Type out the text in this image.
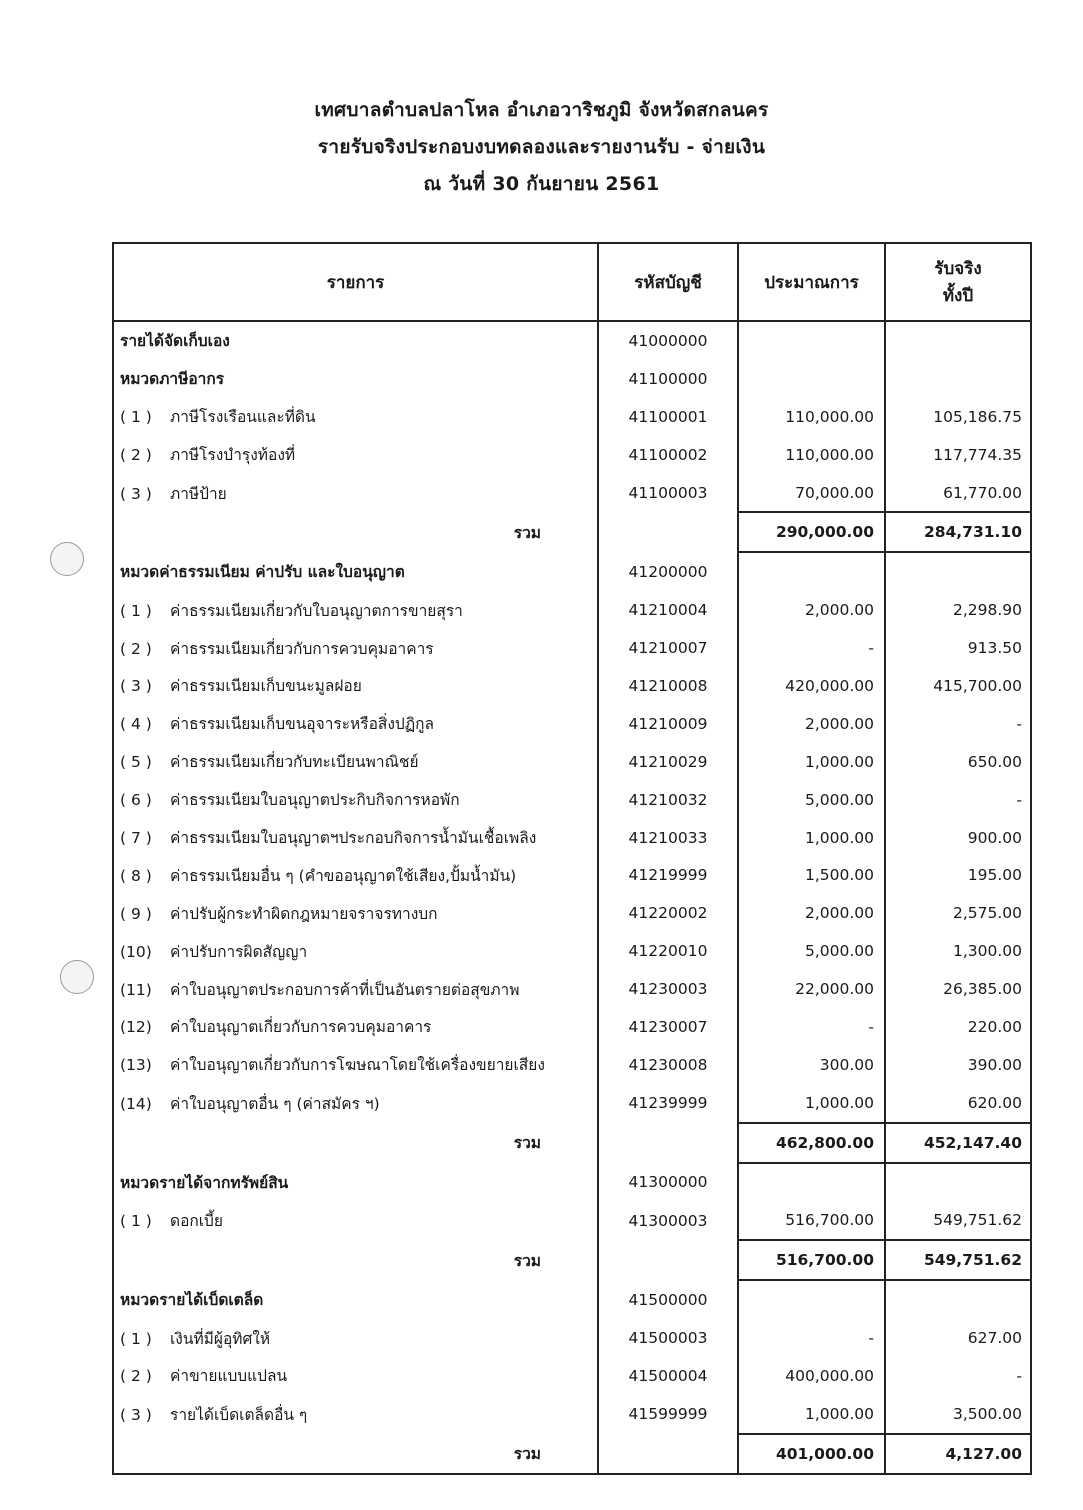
เทศบาลตำบลปลาโหล อำเภอวาริชภูมิ จังหวัดสกลนคร
รายรับจริงประกอบงบทดลองและรายงานรับ - จ่ายเงิน
ณ วันที่ 30 กันยายน 2561
รายการ	รหัสบัญชี	ประมาณการ	รับจริง
ทั้งปี

รายได้จัดเก็บเอง	41000000		
หมวดภาษีอากร	41100000		
( 1 ) ภาษีโรงเรือนและที่ดิน	41100001	110,000.00	105,186.75
( 2 ) ภาษีโรงบำรุงท้องที่	41100002	110,000.00	117,774.35
( 3 ) ภาษีป้าย	41100003	70,000.00	61,770.00
รวม		290,000.00	284,731.10
หมวดค่าธรรมเนียม ค่าปรับ และใบอนุญาต	41200000		
( 1 ) ค่าธรรมเนียมเกี่ยวกับใบอนุญาตการขายสุรา	41210004	2,000.00	2,298.90
( 2 ) ค่าธรรมเนียมเกี่ยวกับการควบคุมอาคาร	41210007	-	913.50
( 3 ) ค่าธรรมเนียมเก็บขนะมูลฝอย	41210008	420,000.00	415,700.00
( 4 ) ค่าธรรมเนียมเก็บขนอุจาระหรือสิ่งปฏิกูล	41210009	2,000.00	-
( 5 ) ค่าธรรมเนียมเกี่ยวกับทะเบียนพาณิชย์	41210029	1,000.00	650.00
( 6 ) ค่าธรรมเนียมใบอนุญาตประกิบกิจการหอพัก	41210032	5,000.00	-
( 7 ) ค่าธรรมเนียมใบอนุญาตฯประกอบกิจการน้ำมันเชื้อเพลิง	41210033	1,000.00	900.00
( 8 ) ค่าธรรมเนียมอื่น ๆ (คำขออนุญาตใช้เสียง,ปั้มน้ำมัน)	41219999	1,500.00	195.00
( 9 ) ค่าปรับผู้กระทำผิดกฎหมายจราจรทางบก	41220002	2,000.00	2,575.00
(10) ค่าปรับการผิดสัญญา	41220010	5,000.00	1,300.00
(11) ค่าใบอนุญาตประกอบการค้าที่เป็นอันตรายต่อสุขภาพ	41230003	22,000.00	26,385.00
(12) ค่าใบอนุญาตเกี่ยวกับการควบคุมอาคาร	41230007	-	220.00
(13) ค่าใบอนุญาตเกี่ยวกับการโฆษณาโดยใช้เครื่องขยายเสียง	41230008	300.00	390.00
(14) ค่าใบอนุญาตอื่น ๆ (ค่าสมัคร ฯ)	41239999	1,000.00	620.00
รวม		462,800.00	452,147.40
หมวดรายได้จากทรัพย์สิน	41300000		
( 1 ) ดอกเบี้ย	41300003	516,700.00	549,751.62
รวม		516,700.00	549,751.62
หมวดรายได้เบ็ดเตล็ด	41500000		
( 1 ) เงินที่มีผู้อุทิศให้	41500003	-	627.00
( 2 ) ค่าขายแบบแปลน	41500004	400,000.00	-
( 3 ) รายได้เบ็ดเตล็ดอื่น ๆ	41599999	1,000.00	3,500.00
รวม		401,000.00	4,127.00
